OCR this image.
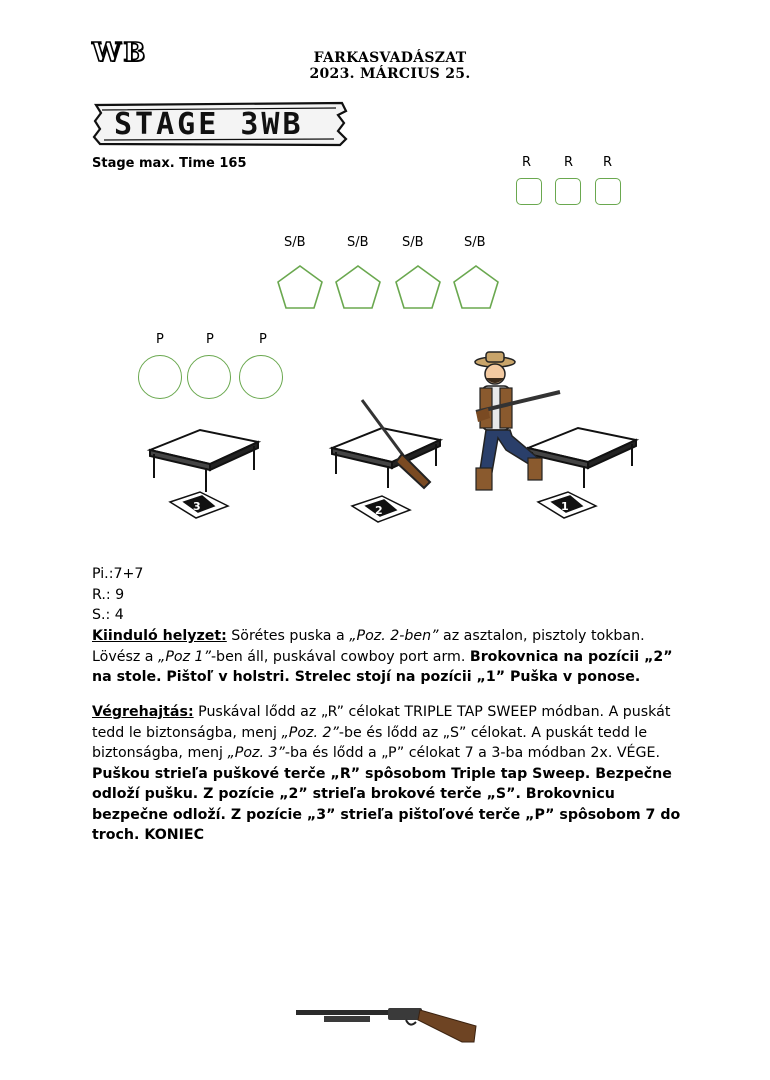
WB	FARKASVADÁSZAT
2023. MÁRCIUS 25.
STAGE 3WB
Stage max. Time 165	R	R R
S/B	S/B	S/B	S/B
P	P	P
3	2	1

Pi.:7+7

R.: 9

S.: 4

Kiinduló helyzet: Sörétes puska a „Poz. 2-ben” az asztalon, pisztoly tokban. Lövész a „Poz 1”-ben áll, puskával cowboy port arm. Brokovnica na pozícii „2” na stole. Pištoľ v holstri. Strelec stojí na pozícii „1” Puška v ponose.

Végrehajtás: Puskával lődd az „R” célokat TRIPLE TAP SWEEP módban. A puskát tedd le biztonságba, menj „Poz. 2”-be és lődd az „S” célokat. A puskát tedd le biztonságba, menj „Poz. 3”-ba és lődd a „P” célokat 7 a 3-ba módban 2x. VÉGE.

Puškou strieľa puškové terče „R” spôsobom Triple tap Sweep. Bezpečne odloží pušku. Z pozície „2” strieľa brokové terče „S”. Brokovnicu bezpečne odloží. Z pozície „3” strieľa pištoľové terče „P” spôsobom 7 do troch. KONIEC
